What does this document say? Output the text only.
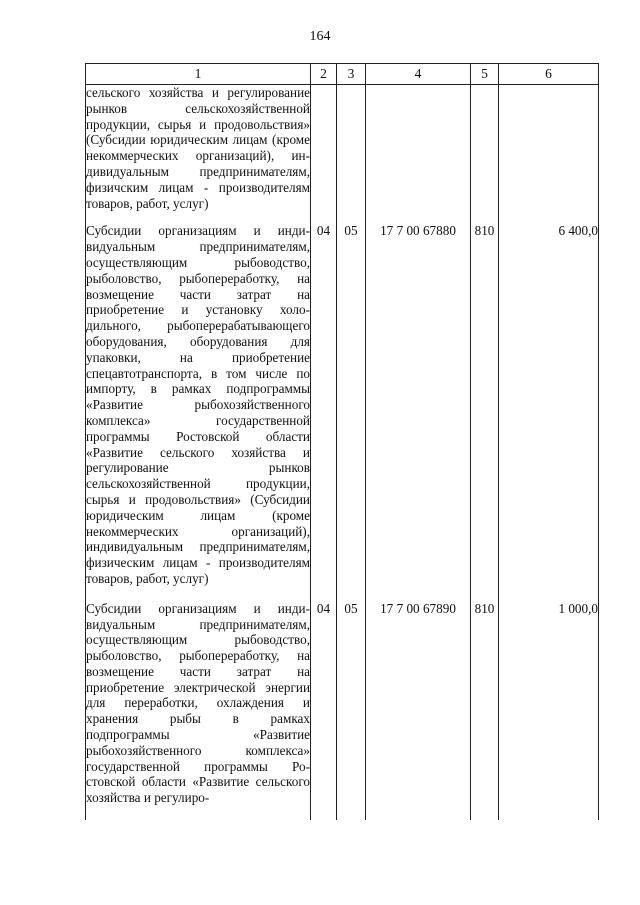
164
1	2	3	4	5	6
сельского хозяйства и регулирование рынков сельскохозяйственной продукции, сырья и продовольствия» (Субсидии юридическим лицам (кроме некоммерческих организаций), индивидуальным предпринимателям, физичским лицам - производителям товаров, работ, услуг)					
Субсидии организациям и индивидуальным предпринимателям, осуществляющим рыбоводство, рыболовство, рыбопереработку, на возмещение части затрат на приобретение и установку холодильного, рыбоперерабатывающего оборудования, оборудования для упаковки, на приобретение спецавтотранспорта, в том числе по импорту, в рамках подпрограммы «Развитие рыбохозяйственного комплекса» государственной программы Ростовской области «Развитие сельского хозяйства и регулирование рынков сельскохозяйственной продукции, сырья и продовольствия» (Субсидии юридическим лицам (кроме некоммерческих организаций), индивидуальным предпринимателям, физическим лицам - производителям товаров, работ, услуг)	04	05	17 7 00 67880	810	6 400,0
Субсидии организациям и индивидуальным предпринимателям, осуществляющим рыбоводство, рыболовство, рыбопереработку, на возмещение части затрат на приобретение электрической энергии для переработки, охлаждения и хранения рыбы в рамках подпрограммы «Развитие рыбохозяйственного комплекса» государственной программы Ростовской области «Развитие сельского хозяйства и регулиро-	04	05	17 7 00 67890	810	1 000,0
